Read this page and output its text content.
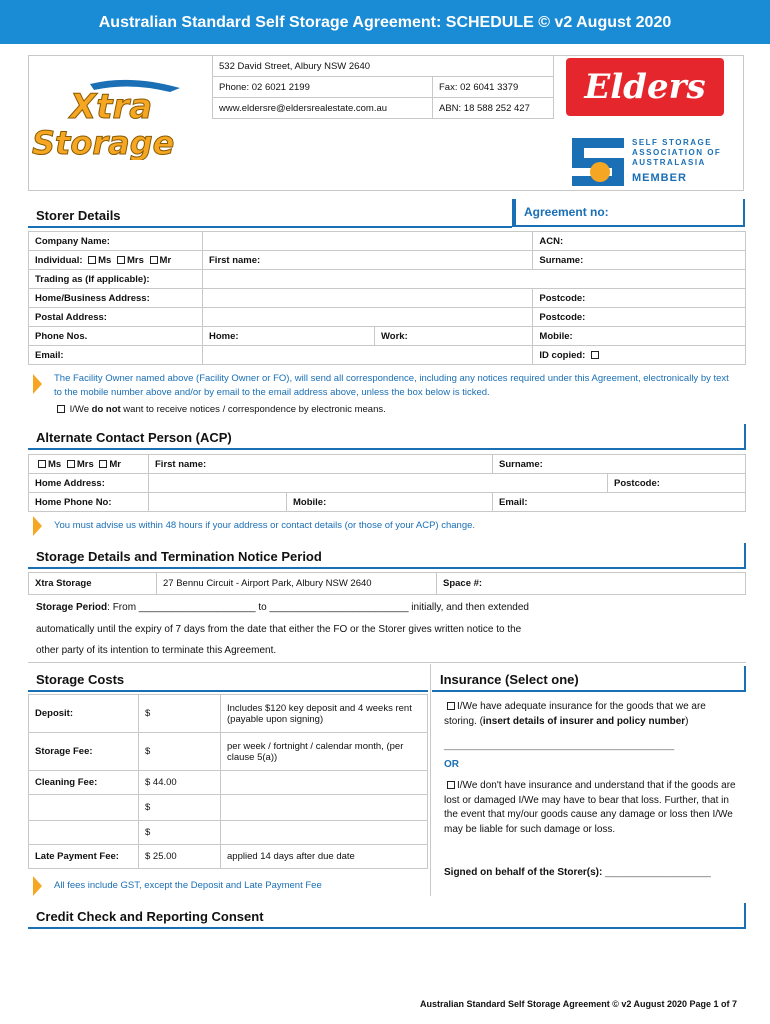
Australian Standard Self Storage Agreement: SCHEDULE © v2 August 2020
Xtra
Storage
532 David Street, Albury NSW 2640	
Phone: 02 6021 2199	Fax: 02 6041 3379
www.eldersre@eldersrealestate.com.au	ABN: 18 588 252 427
Elders
SELF STORAGE
ASSOCIATION OF
AUSTRALASIA
MEMBER
Storer Details	Agreement no:
Company Name:			ACN:
Individual: Ms Mrs Mr	First name:		Surname:
Trading as (If applicable):			
Home/Business Address:			Postcode:
Postal Address:			Postcode:
Phone Nos.	Home:	Work:	Mobile:
Email:			ID copied:
The Facility Owner named above (Facility Owner or FO), will send all correspondence, including any notices required under this Agreement, electronically by text to the mobile number above and/or by email to the email address above, unless the box below is ticked.
I/We do not want to receive notices / correspondence by electronic means.
Alternate Contact Person (ACP)
Ms Mrs Mr	First name:		Surname:	
Home Address:				Postcode:
Home Phone No:		Mobile:	Email:	
You must advise us within 48 hours if your address or contact details (or those of your ACP) change.
Storage Details and Termination Notice Period
Xtra Storage	27 Bennu Circuit - Airport Park, Albury NSW 2640	Space #:
Storage Period: From _____________________ to _________________________ initially, and then extended
automatically until the expiry of 7 days from the date that either the FO or the Storer gives written notice to the
other party of its intention to terminate this Agreement.
Storage Costs
Deposit:	$	Includes $120 key deposit and 4 weeks rent (payable upon signing)
Storage Fee:	$	per week / fortnight / calendar month, (per clause 5(a))
Cleaning Fee:	$ 44.00	
	$	
	$	
Late Payment Fee:	$ 25.00	applied 14 days after due date
All fees include GST, except the Deposit and Late Payment Fee
Insurance (Select one)
I/We have adequate insurance for the goods that we are storing. (insert details of insurer and policy number)
______________________________________________
OR
I/We don't have insurance and understand that if the goods are lost or damaged I/We may have to bear that loss. Further, that in the event that my/our goods cause any damage or loss then I/We may be liable for such damage or loss.
Signed on behalf of the Storer(s): ___________________
Credit Check and Reporting Consent
Australian Standard Self Storage Agreement © v2 August 2020 Page 1 of 7
